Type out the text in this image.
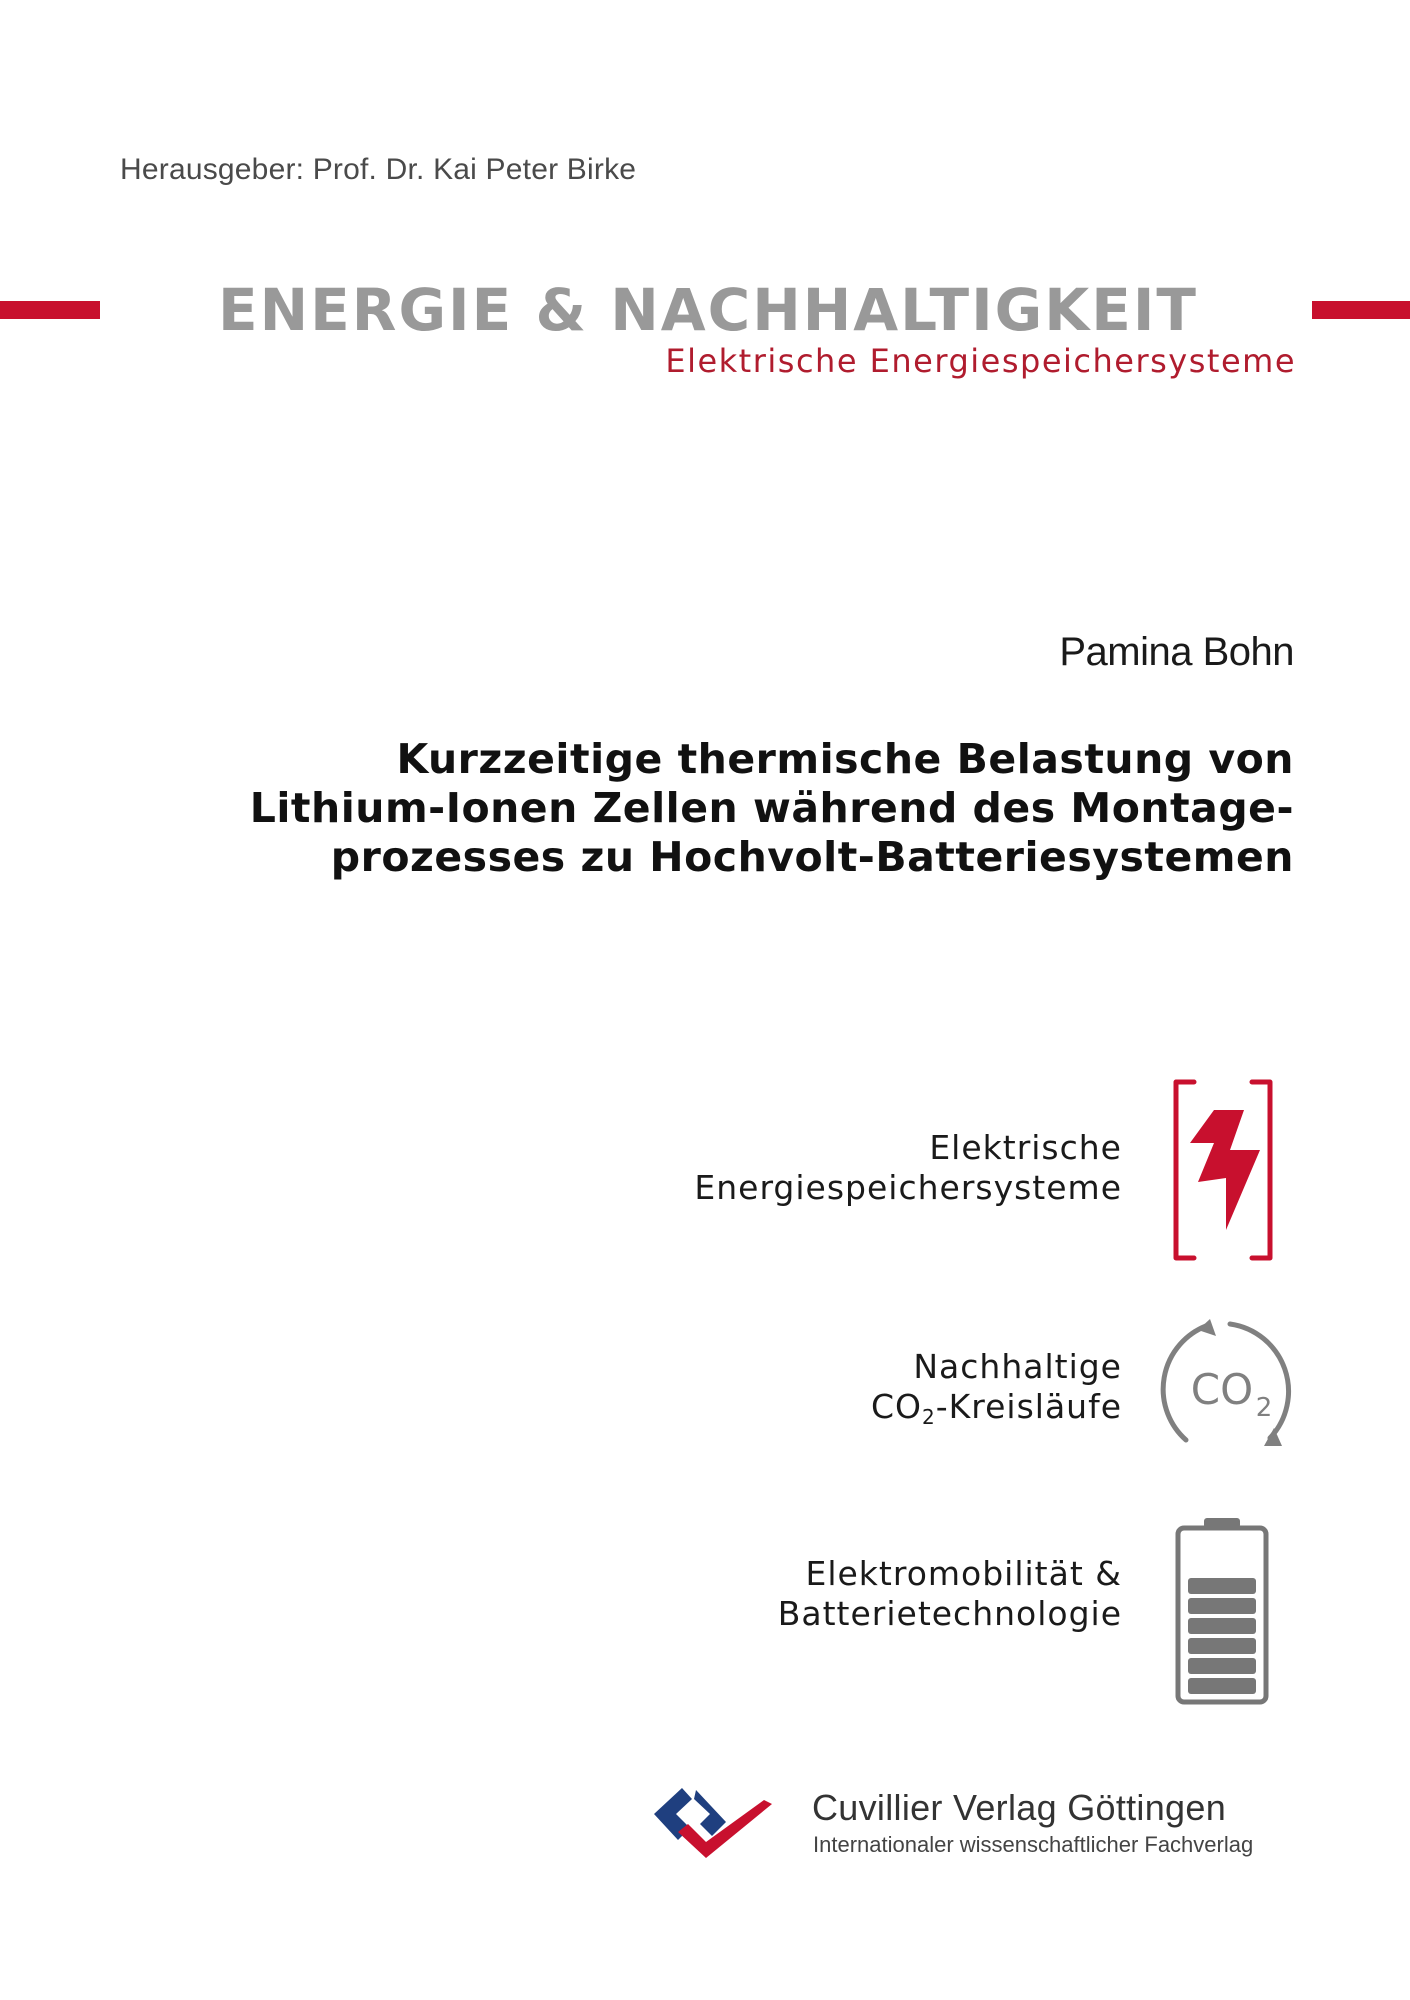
Herausgeber: Prof. Dr. Kai Peter Birke
ENERGIE & NACHHALTIGKEIT
Elektrische Energiespeichersysteme
Pamina Bohn
Kurzzeitige thermische Belastung von
Lithium-Ionen Zellen während des Montage-
prozesses zu Hochvolt-Batteriesystemen
Elektrische
Energiespeichersysteme
Nachhaltige
$CO_2$-Kreisläufe CO 2
Elektromobilität &
Batterietechnologie
Cuvillier Verlag Göttingen
Internationaler wissenschaftlicher Fachverlag
